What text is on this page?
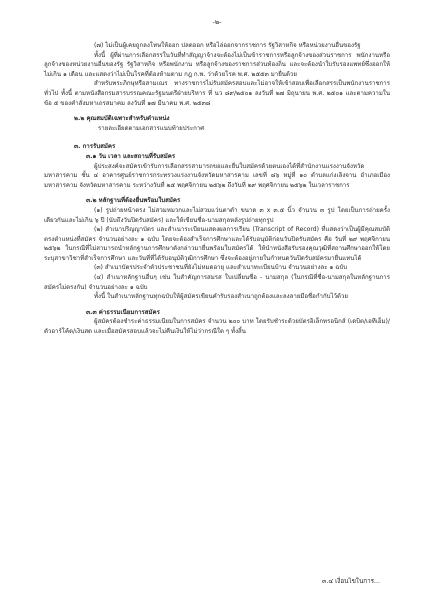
-๒-

(๗) ไม่เป็นผู้เคยถูกลงโทษให้ออก ปลดออก หรือไล่ออกจากราชการ รัฐวิสาหกิจ หรือหน่วยงานอื่นของรัฐ

ทั้งนี้ ผู้ที่ผ่านการเลือกสรรในวันที่ทำสัญญาจ้างจะต้องไม่เป็นข้าราชการหรือลูกจ้างของส่วนราชการ พนักงานหรือลูกจ้างของหน่วยงานอื่นของรัฐ รัฐวิสาหกิจ หรือพนักงาน หรือลูกจ้างของราชการส่วนท้องถิ่น และจะต้องนำใบรับรองแพทย์ซึ่งออกให้ไม่เกิน ๑ เดือน และแสดงว่าไม่เป็นโรคที่ต้องห้ามตาม กฎ ก.พ. ว่าด้วยโรค พ.ศ. ๒๕๕๓ มายื่นด้วย

สำหรับพระภิกษุหรือสามเณร ทางราชการไม่รับสมัครสอบและไม่อาจให้เข้าสอบเพื่อเลือกสรรเป็นพนักงานราชการทั่วไป ทั้งนี้ ตามหนังสือกรมสารบรรณคณะรัฐมนตรีฝ่ายบริหาร ที่ นว ๘๙/๒๕๐๑ ลงวันที่ ๒๗ มิถุนายน พ.ศ. ๒๕๐๑ และตามความในข้อ ๕ ของคำสั่งมหาเถรสมาคม ลงวันที่ ๑๗ มีนาคม พ.ศ. ๒๕๓๘

๒.๒ คุณสมบัติเฉพาะสำหรับตำแหน่ง

รายละเอียดตามเอกสารแนบท้ายประกาศ

๓. การรับสมัคร

๓.๑ วัน เวลา และสถานที่รับสมัคร

ผู้ประสงค์จะสมัครเข้ารับการเลือกสรรสามารถขอและยื่นใบสมัครด้วยตนเองได้ที่สำนักงานแรงงานจังหวัดมหาสารคาม ชั้น ๔ อาคารศูนย์ราชการกระทรวงแรงงานจังหวัดมหาสารคาม เลขที่ ๘๖ หมู่ที่ ๑๐ ตำบลแก่งเลิงจาน อำเภอเมืองมหาสารคาม จังหวัดมหาสารคาม ระหว่างวันที่ ๒๕ พฤศจิกายน ๒๕๖๒ ถึงวันที่ ๒๙ พฤศจิกายน ๒๕๖๒ ในเวลาราชการ

๓.๒ หลักฐานที่ต้องยื่นพร้อมใบสมัคร

(๑) รูปถ่ายหน้าตรง ไม่สวมหมวกและไม่สวมแว่นตาดำ ขนาด ๓ x ๓.๕ นิ้ว จำนวน ๓ รูป โดยเป็นการถ่ายครั้งเดียวกันและไม่เกิน ๖ ปี (นับถึงวันปิดรับสมัคร) และให้เขียนชื่อ-นามสกุลหลังรูปถ่ายทุกรูป

(๒) สำเนาปริญญาบัตร และสำเนาระเบียนแสดงผลการเรียน (Transcript of Record) ที่แสดงว่าเป็นผู้มีคุณสมบัติตรงตำแหน่งที่สมัคร จำนวนอย่างละ ๑ ฉบับ โดยจะต้องสำเร็จการศึกษาและได้รับอนุมัติก่อนวันปิดรับสมัคร คือ วันที่ ๒๙ พฤศจิกายน ๒๕๖๒ ในกรณีที่ไม่สามารถนำหลักฐานการศึกษาดังกล่าวมายื่นพร้อมใบสมัครได้ ให้นำหนังสือรับรองคุณวุฒิที่สถานศึกษาออกให้โดยระบุสาขาวิชาที่สำเร็จการศึกษา และวันที่ที่ได้รับอนุมัติวุฒิการศึกษา ซึ่งจะต้องอยู่ภายในกำหนดวันปิดรับสมัครมายื่นแทนได้

(๓) สำเนาบัตรประจำตัวประชาชนที่ยังไม่หมดอายุ และสำเนาทะเบียนบ้าน จำนวนอย่างละ ๑ ฉบับ

(๔) สำเนาหลักฐานอื่นๆ เช่น ใบสำคัญการสมรส ใบเปลี่ยนชื่อ - นามสกุล (ในกรณีที่ชื่อ-นามสกุลในหลักฐานการสมัครไม่ตรงกัน) จำนวนอย่างละ ๑ ฉบับ

ทั้งนี้ ในสำเนาหลักฐานทุกฉบับให้ผู้สมัครเขียนคำรับรองสำเนาถูกต้องและลงลายมือชื่อกำกับไว้ด้วย

๓.๓ ค่าธรรมเนียมการสมัคร

ผู้สมัครต้องชำระค่าธรรมเนียมในการสมัคร จำนวน ๒๐๐ บาท โดยรับชำระด้วยบัตรอิเล็กทรอนิกส์ (เดบิต/เอทีเอ็ม)/ตัวอาร์โค้ด/เงินสด และเมื่อสมัครสอบแล้วจะไม่คืนเงินให้ไม่ว่ากรณีใด ๆ ทั้งสิ้น

๓.๔ เงื่อนไขในการ...
